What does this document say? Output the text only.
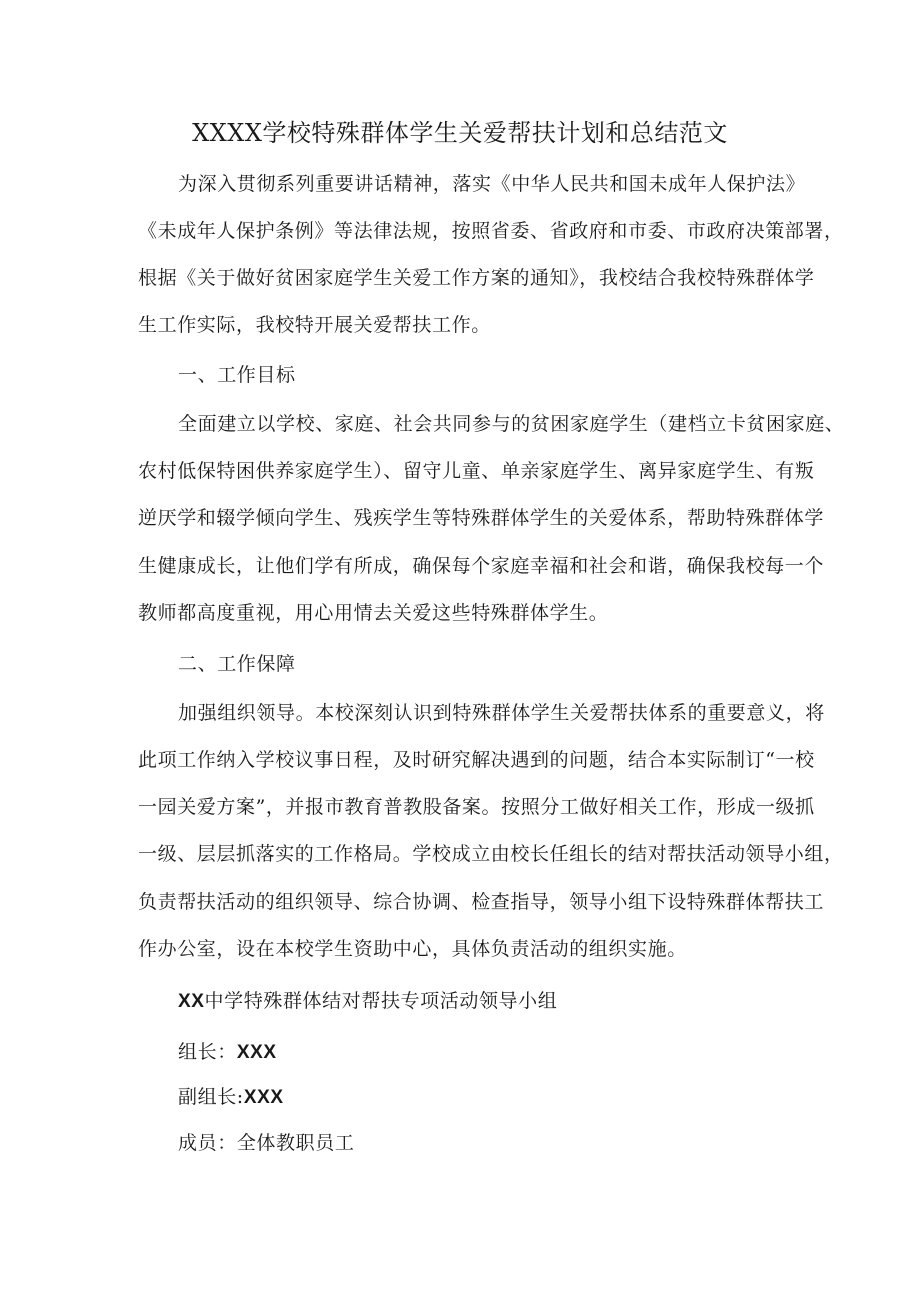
XXXX学校特殊群体学生关爱帮扶计划和总结范文
为深入贯彻系列重要讲话精神，落实《中华人民共和国未成年人保护法》
《未成年人保护条例》等法律法规，按照省委、省政府和市委、市政府决策部署，
根据《关于做好贫困家庭学生关爱工作方案的通知》，我校结合我校特殊群体学
生工作实际，我校特开展关爱帮扶工作。
一、工作目标
全面建立以学校、家庭、社会共同参与的贫困家庭学生（建档立卡贫困家庭、
农村低保特困供养家庭学生）、留守儿童、单亲家庭学生、离异家庭学生、有叛
逆厌学和辍学倾向学生、残疾学生等特殊群体学生的关爱体系，帮助特殊群体学
生健康成长，让他们学有所成，确保每个家庭幸福和社会和谐，确保我校每一个
教师都高度重视，用心用情去关爱这些特殊群体学生。
二、工作保障
加强组织领导。本校深刻认识到特殊群体学生关爱帮扶体系的重要意义，将
此项工作纳入学校议事日程，及时研究解决遇到的问题，结合本实际制订“一校
一园关爱方案”，并报市教育普教股备案。按照分工做好相关工作，形成一级抓
一级、层层抓落实的工作格局。学校成立由校长任组长的结对帮扶活动领导小组，
负责帮扶活动的组织领导、综合协调、检查指导，领导小组下设特殊群体帮扶工
作办公室，设在本校学生资助中心，具体负责活动的组织实施。
XX中学特殊群体结对帮扶专项活动领导小组
组长：XXX
副组长:XXX
成员：全体教职员工
